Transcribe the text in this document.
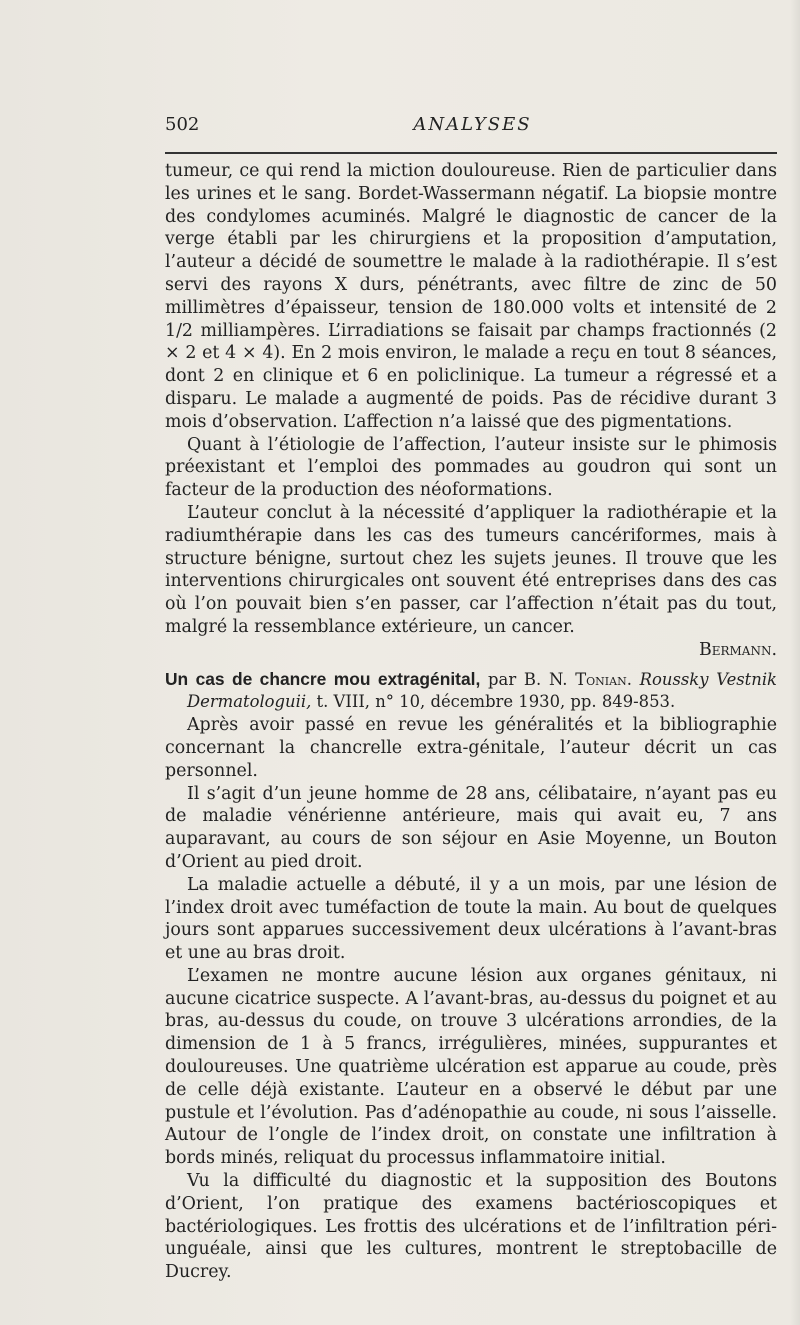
502	ANALYSES

tumeur, ce qui rend la miction douloureuse. Rien de particulier dans les urines et le sang. Bordet-Wassermann négatif. La biopsie montre des condylomes acuminés. Malgré le diagnostic de cancer de la verge établi par les chirurgiens et la proposition d’amputation, l’auteur a décidé de soumettre le malade à la radiothérapie. Il s’est servi des rayons X durs, pénétrants, avec filtre de zinc de 50 millimètres d’épaisseur, tension de 180.000 volts et intensité de 2 1/2 milliampères. L’irradiations se faisait par champs fractionnés (2 × 2 et 4 × 4). En 2 mois environ, le malade a reçu en tout 8 séances, dont 2 en clinique et 6 en policlinique. La tumeur a régressé et a disparu. Le malade a augmenté de poids. Pas de récidive durant 3 mois d’observation. L’affection n’a laissé que des pigmentations.

Quant à l’étiologie de l’affection, l’auteur insiste sur le phimosis préexistant et l’emploi des pommades au goudron qui sont un facteur de la production des néoformations.

L’auteur conclut à la nécessité d’appliquer la radiothérapie et la radiumthérapie dans les cas des tumeurs cancériformes, mais à structure bénigne, surtout chez les sujets jeunes. Il trouve que les interventions chirurgicales ont souvent été entreprises dans des cas où l’on pouvait bien s’en passer, car l’affection n’était pas du tout, malgré la ressemblance extérieure, un cancer.

Bermann.

Un cas de chancre mou extragénital, par B. N. Tonian. Roussky Vestnik Dermatologuii, t. VIII, n° 10, décembre 1930, pp. 849-853.

Après avoir passé en revue les généralités et la bibliographie concernant la chancrelle extra-génitale, l’auteur décrit un cas personnel.

Il s’agit d’un jeune homme de 28 ans, célibataire, n’ayant pas eu de maladie vénérienne antérieure, mais qui avait eu, 7 ans auparavant, au cours de son séjour en Asie Moyenne, un Bouton d’Orient au pied droit.

La maladie actuelle a débuté, il y a un mois, par une lésion de l’index droit avec tuméfaction de toute la main. Au bout de quelques jours sont apparues successivement deux ulcérations à l’avant-bras et une au bras droit.

L’examen ne montre aucune lésion aux organes génitaux, ni aucune cicatrice suspecte. A l’avant-bras, au-dessus du poignet et au bras, au-dessus du coude, on trouve 3 ulcérations arrondies, de la dimension de 1 à 5 francs, irrégulières, minées, suppurantes et douloureuses. Une quatrième ulcération est apparue au coude, près de celle déjà existante. L’auteur en a observé le début par une pustule et l’évolution. Pas d’adénopathie au coude, ni sous l’aisselle. Autour de l’ongle de l’index droit, on constate une infiltration à bords minés, reliquat du processus inflammatoire initial.

Vu la difficulté du diagnostic et la supposition des Boutons d’Orient, l’on pratique des examens bactérioscopiques et bactériologiques. Les frottis des ulcérations et de l’infiltration péri-unguéale, ainsi que les cultures, montrent le streptobacille de Ducrey.
